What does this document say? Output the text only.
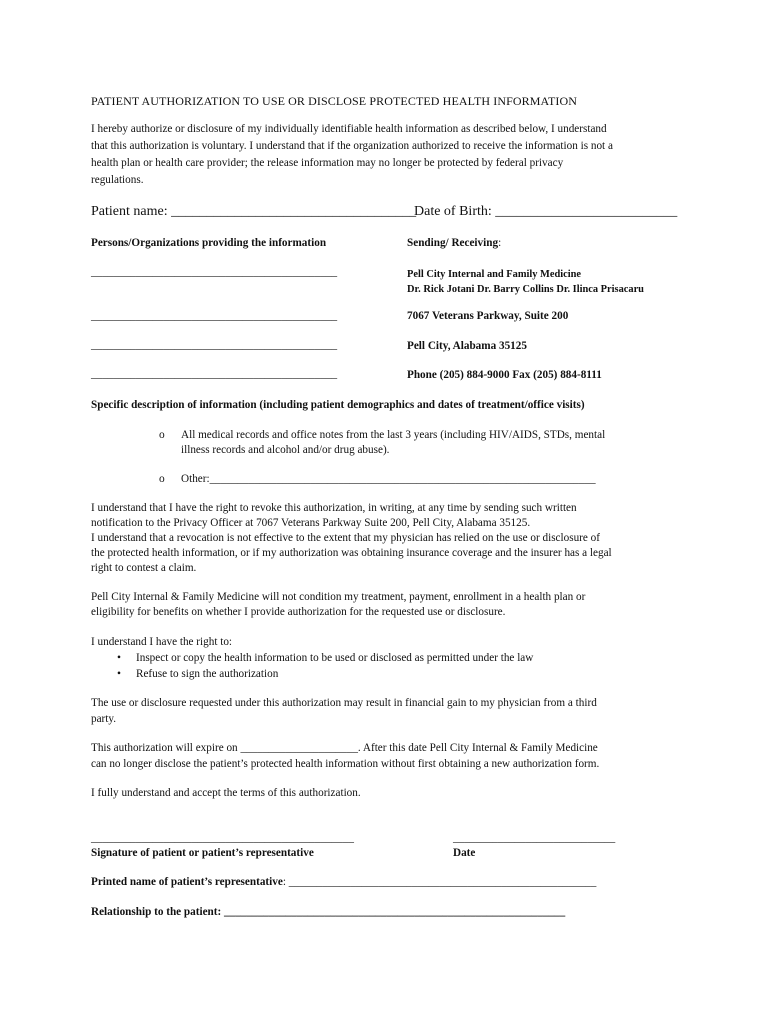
PATIENT AUTHORIZATION TO USE OR DISCLOSE PROTECTED HEALTH INFORMATION
I hereby authorize or disclosure of my individually identifiable health information as described below, I understand
that this authorization is voluntary. I understand that if the organization authorized to receive the information is not a
health plan or health care provider; the release information may no longer be protected by federal privacy
regulations.
Patient name: ___________________________________
Date of Birth: __________________________
Persons/Organizations providing the information	Sending/ Receiving:
____________________________________________	Pell City Internal and Family Medicine
Dr. Rick Jotani Dr. Barry Collins Dr. Ilinca Prisacaru
____________________________________________	7067 Veterans Parkway, Suite 200
____________________________________________	Pell City, Alabama 35125
____________________________________________	Phone (205) 884-9000 Fax (205) 884-8111
Specific description of information (including patient demographics and dates of treatment/office visits)
o All medical records and office notes from the last 3 years (including HIV/AIDS, STDs, mental
illness records and alcohol and/or drug abuse).
o Other:_____________________________________________________________________
I understand that I have the right to revoke this authorization, in writing, at any time by sending such written
notification to the Privacy Officer at 7067 Veterans Parkway Suite 200, Pell City, Alabama 35125.
I understand that a revocation is not effective to the extent that my physician has relied on the use or disclosure of
the protected health information, or if my authorization was obtaining insurance coverage and the insurer has a legal
right to contest a claim.
Pell City Internal & Family Medicine will not condition my treatment, payment, enrollment in a health plan or
eligibility for benefits on whether I provide authorization for the requested use or disclosure.
I understand I have the right to:
• Inspect or copy the health information to be used or disclosed as permitted under the law
• Refuse to sign the authorization
The use or disclosure requested under this authorization may result in financial gain to my physician from a third
party.
This authorization will expire on _____________________. After this date Pell City Internal & Family Medicine
can no longer disclose the patient’s protected health information without first obtaining a new authorization form.
I fully understand and accept the terms of this authorization.
_______________________________________________	_____________________________
Signature of patient or patient’s representative	Date
Printed name of patient’s representative: _______________________________________________________
Relationship to the patient: _____________________________________________________________
